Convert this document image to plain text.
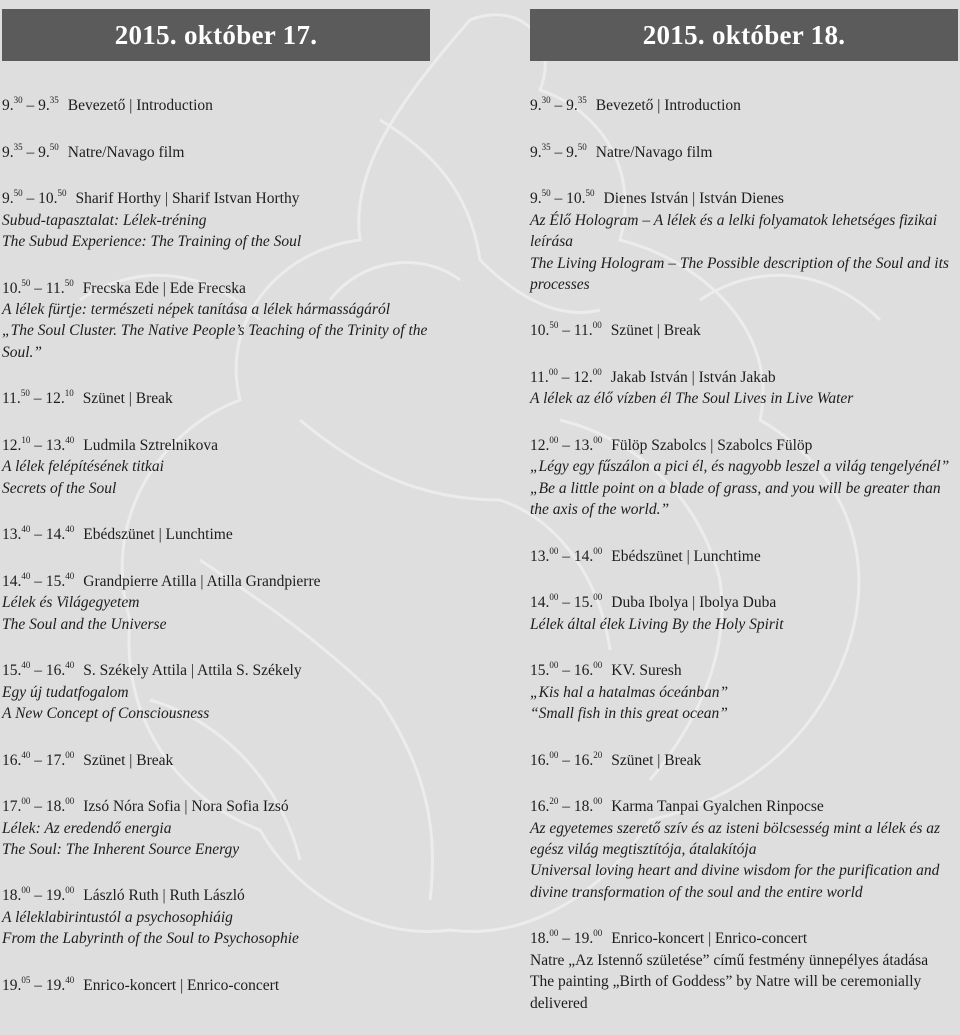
2015. október 17.
9.30 – 9.35 Bevezető | Introduction
9.35 – 9.50 Natre/Navago film
9.50 – 10.50 Sharif Horthy | Sharif Istvan Horthy
Subud-tapasztalat: Lélek-tréning
The Subud Experience: The Training of the Soul
10.50 – 11.50 Frecska Ede | Ede Frecska
A lélek fürtje: természeti népek tanítása a lélek hármasságáról
„The Soul Cluster. The Native People’s Teaching of the Trinity of the Soul.”
11.50 – 12.10 Szünet | Break
12.10 – 13.40 Ludmila Sztrelnikova
A lélek felépítésének titkai
Secrets of the Soul
13.40 – 14.40 Ebédszünet | Lunchtime
14.40 – 15.40 Grandpierre Atilla | Atilla Grandpierre
Lélek és Világegyetem
The Soul and the Universe
15.40 – 16.40 S. Székely Attila | Attila S. Székely
Egy új tudatfogalom
A New Concept of Consciousness
16.40 – 17.00 Szünet | Break
17.00 – 18.00 Izsó Nóra Sofia | Nora Sofia Izsó
Lélek: Az eredendő energia
The Soul: The Inherent Source Energy
18.00 – 19.00 László Ruth | Ruth László
A léleklabirintustól a psychosophiáig
From the Labyrinth of the Soul to Psychosophie
19.05 – 19.40 Enrico-koncert | Enrico-concert
2015. október 18.
9.30 – 9.35 Bevezető | Introduction
9.35 – 9.50 Natre/Navago film
9.50 – 10.50 Dienes István | István Dienes
Az Élő Hologram – A lélek és a lelki folyamatok lehetséges fizikai leírása
The Living Hologram – The Possible description of the Soul and its processes
10.50 – 11.00 Szünet | Break
11.00 – 12.00 Jakab István | István Jakab
A lélek az élő vízben él The Soul Lives in Live Water
12.00 – 13.00 Fülöp Szabolcs | Szabolcs Fülöp
„Légy egy fűszálon a pici él, és nagyobb leszel a világ tengelyénél”
„Be a little point on a blade of grass, and you will be greater than the axis of the world.”
13.00 – 14.00 Ebédszünet | Lunchtime
14.00 – 15.00 Duba Ibolya | Ibolya Duba
Lélek által élek Living By the Holy Spirit
15.00 – 16.00 KV. Suresh
„Kis hal a hatalmas óceánban”
“Small fish in this great ocean”
16.00 – 16.20 Szünet | Break
16.20 – 18.00 Karma Tanpai Gyalchen Rinpocse
Az egyetemes szerető szív és az isteni bölcsesség mint a lélek és az egész világ megtisztítója, átalakítója
Universal loving heart and divine wisdom for the purification and divine transformation of the soul and the entire world
18.00 – 19.00 Enrico-koncert | Enrico-concert
Natre „Az Istennő születése” című festmény ünnepélyes átadása
The painting „Birth of Goddess” by Natre will be ceremonially delivered
